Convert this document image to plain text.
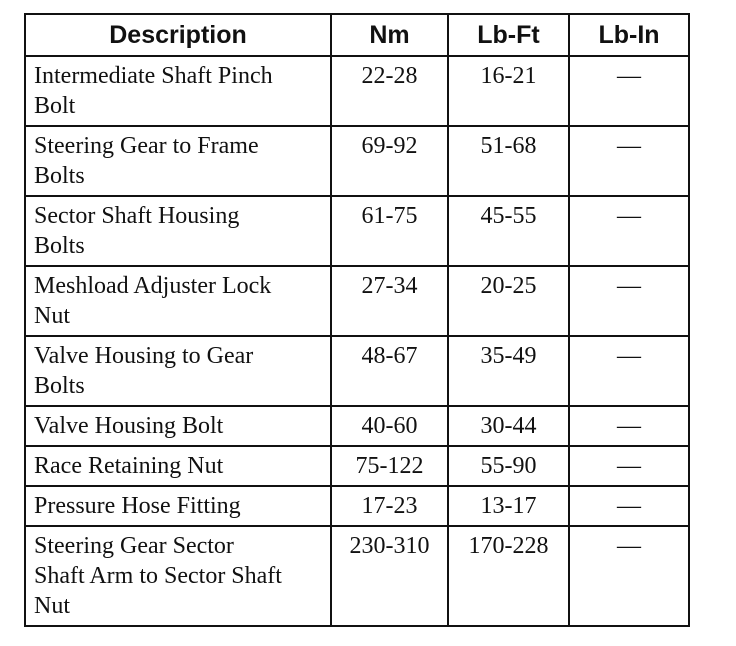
Description	Nm	Lb-Ft	Lb-In

Intermediate Shaft Pinch
Bolt	22-28	16-21	—

Steering Gear to Frame
Bolts	69-92	51-68	—

Sector Shaft Housing
Bolts	61-75	45-55	—

Meshload Adjuster Lock
Nut	27-34	20-25	—

Valve Housing to Gear
Bolts	48-67	35-49	—

Valve Housing Bolt	40-60	30-44	—

Race Retaining Nut	75-122	55-90	—

Pressure Hose Fitting	17-23	13-17	—

Steering Gear Sector
Shaft Arm to Sector Shaft
Nut	230-310	170-228	—
